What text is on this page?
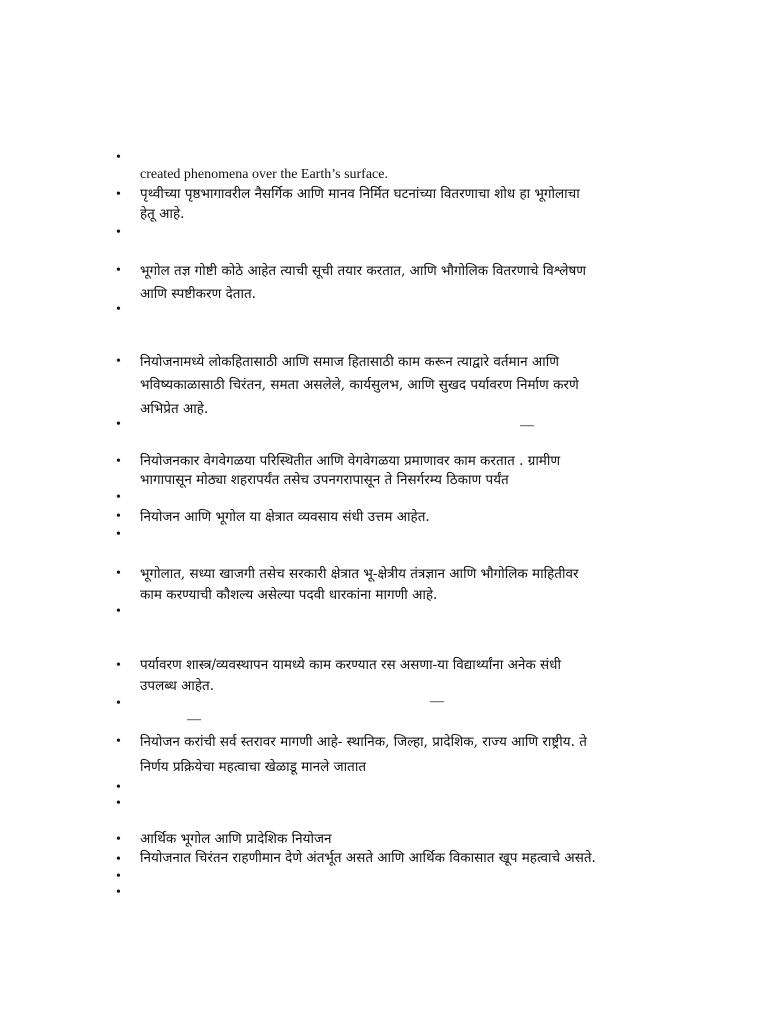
•
•
•
•
•
•
•
•
•
•
•
•
•
•
•
•
•
•
•
•
•
•
—
—
—
created phenomena over the Earth’s surface.
पृथ्वीच्या पृष्ठभागावरील नैसर्गिक आणि मानव निर्मित घटनांच्या वितरणाचा शोध हा भूगोलाचा
हेतू आहे.
भूगोल तज्ञ गोष्टी कोठे आहेत त्याची सूची तयार करतात, आणि भौगोलिक वितरणाचे विश्लेषण
आणि स्पष्टीकरण देतात.
नियोजनामध्ये लोकहितासाठी आणि समाज हितासाठी काम करून त्याद्वारे वर्तमान आणि
भविष्यकाळासाठी चिरंतन, समता असलेले, कार्यसुलभ, आणि सुखद पर्यावरण निर्माण करणे
अभिप्रेत आहे.
नियोजनकार वेगवेगळया परिस्थितीत आणि वेगवेगळया प्रमाणावर काम करतात . ग्रामीण
भागापासून मोठ्या शहरापर्यंत तसेच उपनगरापासून ते निसर्गरम्य ठिकाण पर्यंत
नियोजन आणि भूगोल या क्षेत्रात व्यवसाय संधी उत्तम आहेत.
भूगोलात, सध्या खाजगी तसेच सरकारी क्षेत्रात भू-क्षेत्रीय तंत्रज्ञान आणि भौगोलिक माहितीवर
काम करण्याची कौशल्य असेल्या पदवी धारकांना मागणी आहे.
पर्यावरण शास्त्र/व्यवस्थापन यामध्ये काम करण्यात रस असणा-या विद्यार्थ्यांना अनेक संधी
उपलब्ध आहेत.
नियोजन करांची सर्व स्तरावर मागणी आहे- स्थानिक, जिल्हा, प्रादेशिक, राज्य आणि राष्ट्रीय. ते
निर्णय प्रक्रियेचा महत्वाचा खेळाडू मानले जातात
आर्थिक भूगोल आणि प्रादेशिक नियोजन
नियोजनात चिरंतन राहणीमान देणे अंतर्भूत असते आणि आर्थिक विकासात खूप महत्वाचे असते.
